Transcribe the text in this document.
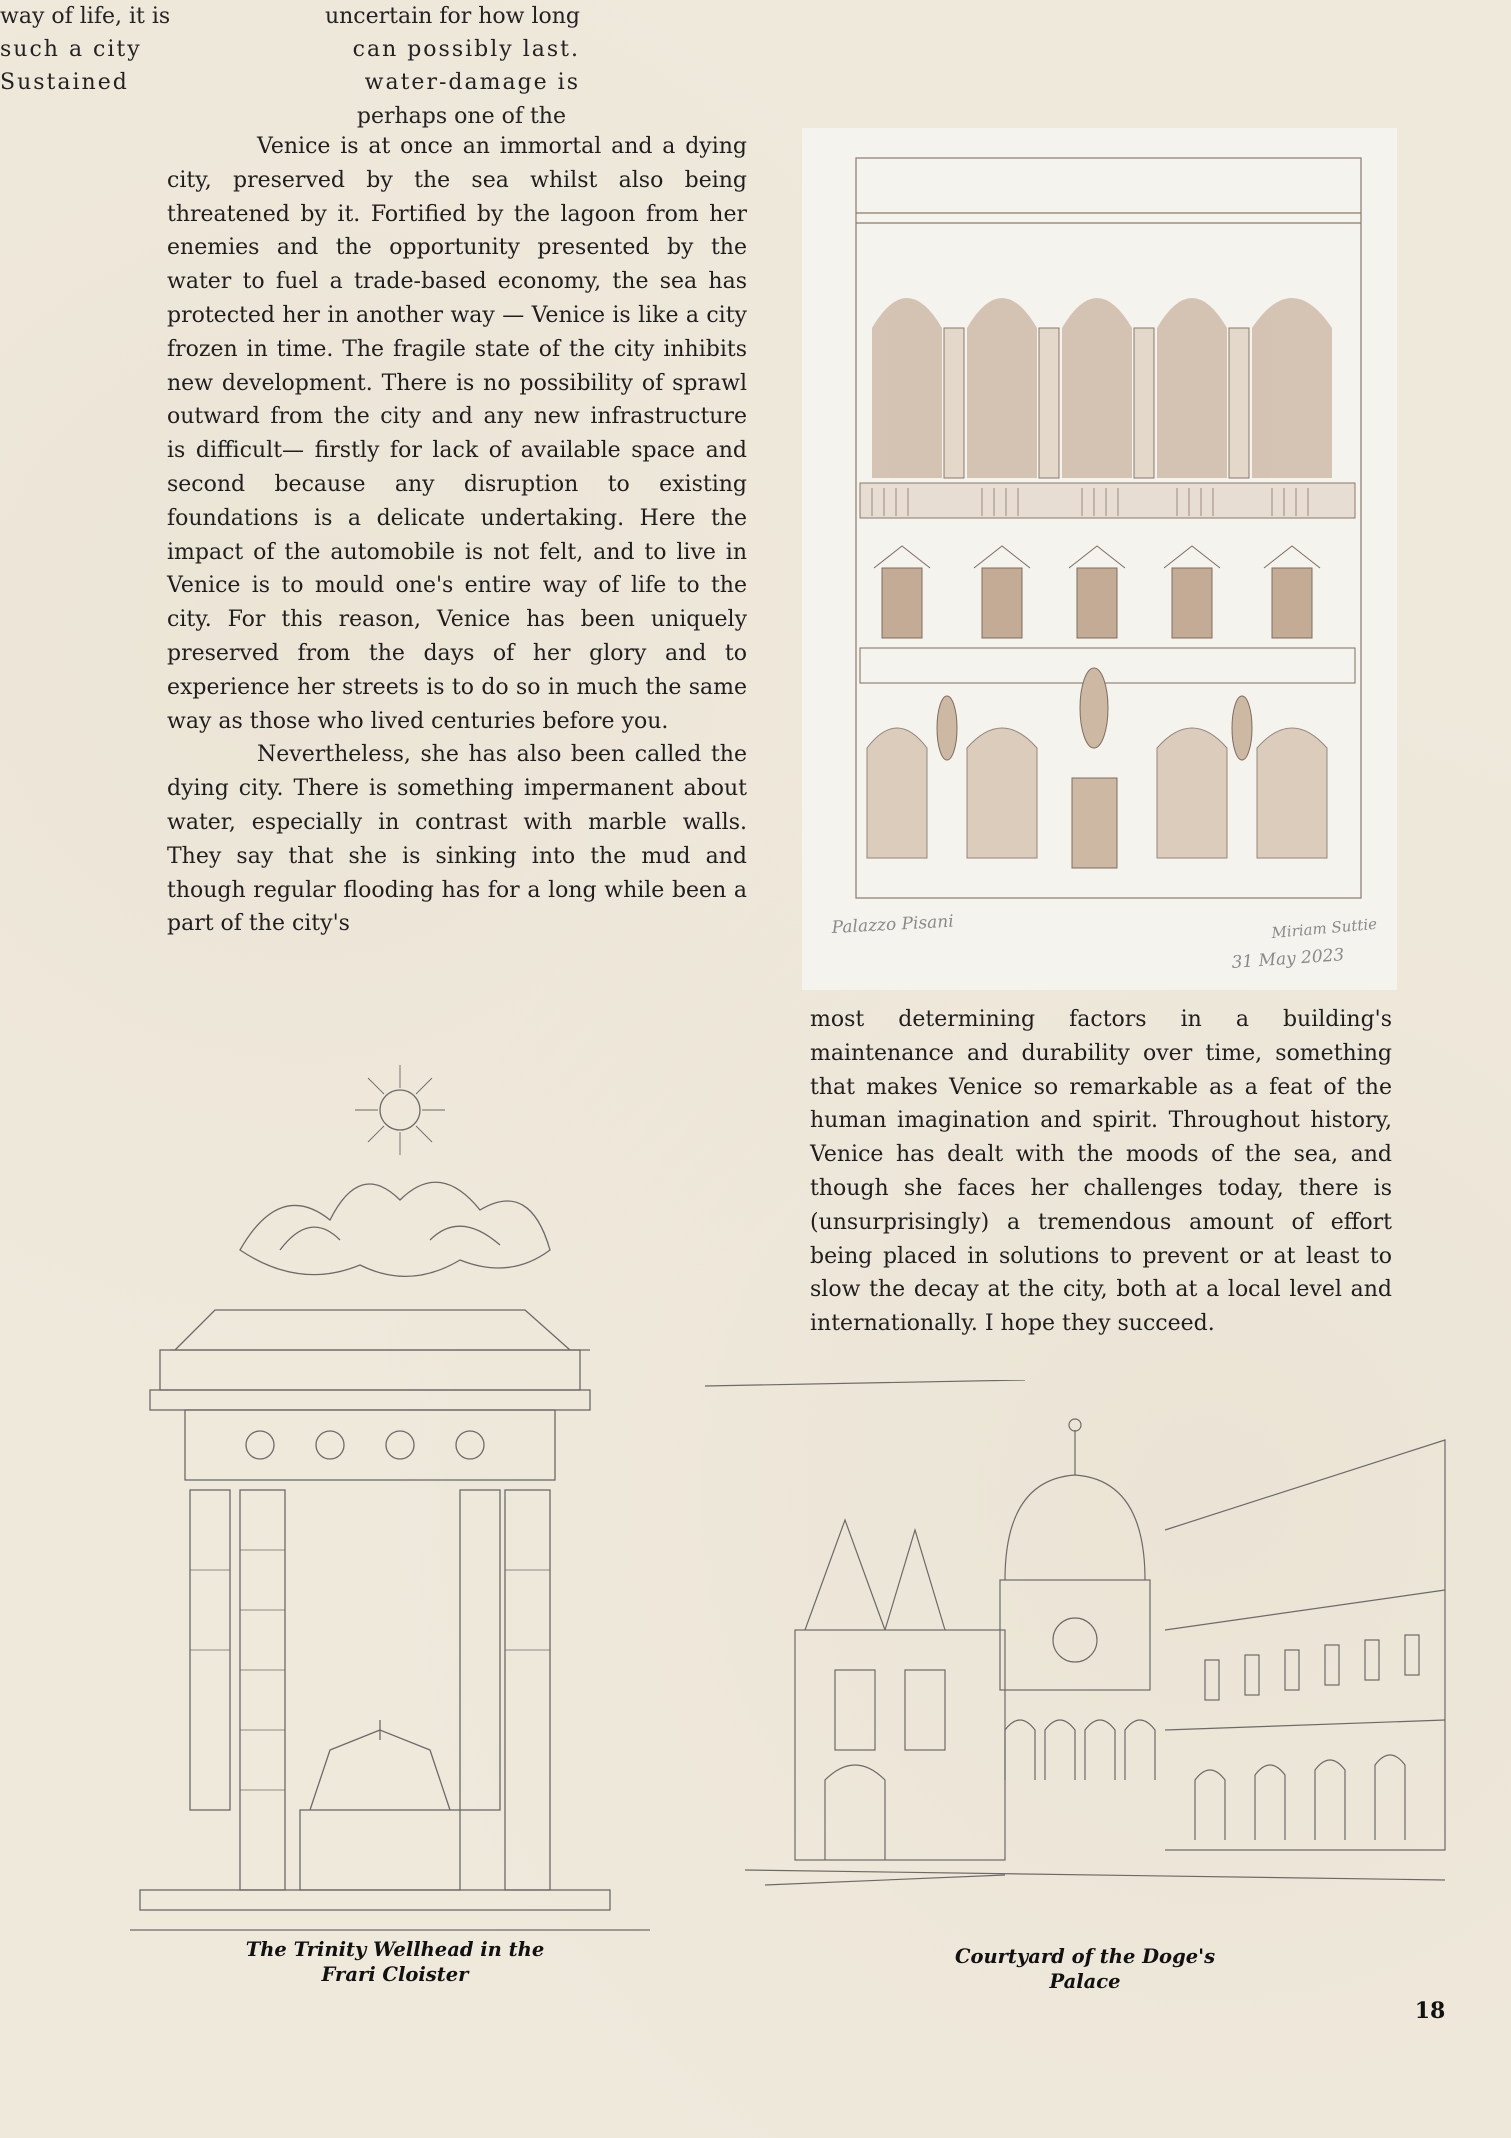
Venice is at once an immortal and a dying city, preserved by the sea whilst also being threatened by it. Fortified by the lagoon from her enemies and the opportunity presented by the water to fuel a trade-based economy, the sea has protected her in another way — Venice is like a city frozen in time. The fragile state of the city inhibits new development. There is no possibility of sprawl outward from the city and any new infrastructure is difficult— firstly for lack of available space and second because any disruption to existing foundations is a delicate undertaking. Here the impact of the automobile is not felt, and to live in Venice is to mould one's entire way of life to the city. For this reason, Venice has been uniquely preserved from the days of her glory and to experience her streets is to do so in much the same way as those who lived centuries before you.

Nevertheless, she has also been called the dying city. There is something impermanent about water, especially in contrast with marble walls. They say that she is sinking into the mud and though regular flooding has for a long while been a part of the city's

way of life, it is	uncertain for how long
such a city	can possibly last.
Sustained	water-damage is
perhaps one of the

most determining factors in a building's maintenance and durability over time, something that makes Venice so remarkable as a feat of the human imagination and spirit. Throughout history, Venice has dealt with the moods of the sea, and though she faces her challenges today, there is (unsurprisingly) a tremendous amount of effort being placed in solutions to prevent or at least to slow the decay at the city, both at a local level and internationally. I hope they succeed.

Palazzo Pisani	Miriam Suttie
31 May 2023
The Trinity Wellhead in the Frari Cloister
Courtyard of the Doge's Palace
18
